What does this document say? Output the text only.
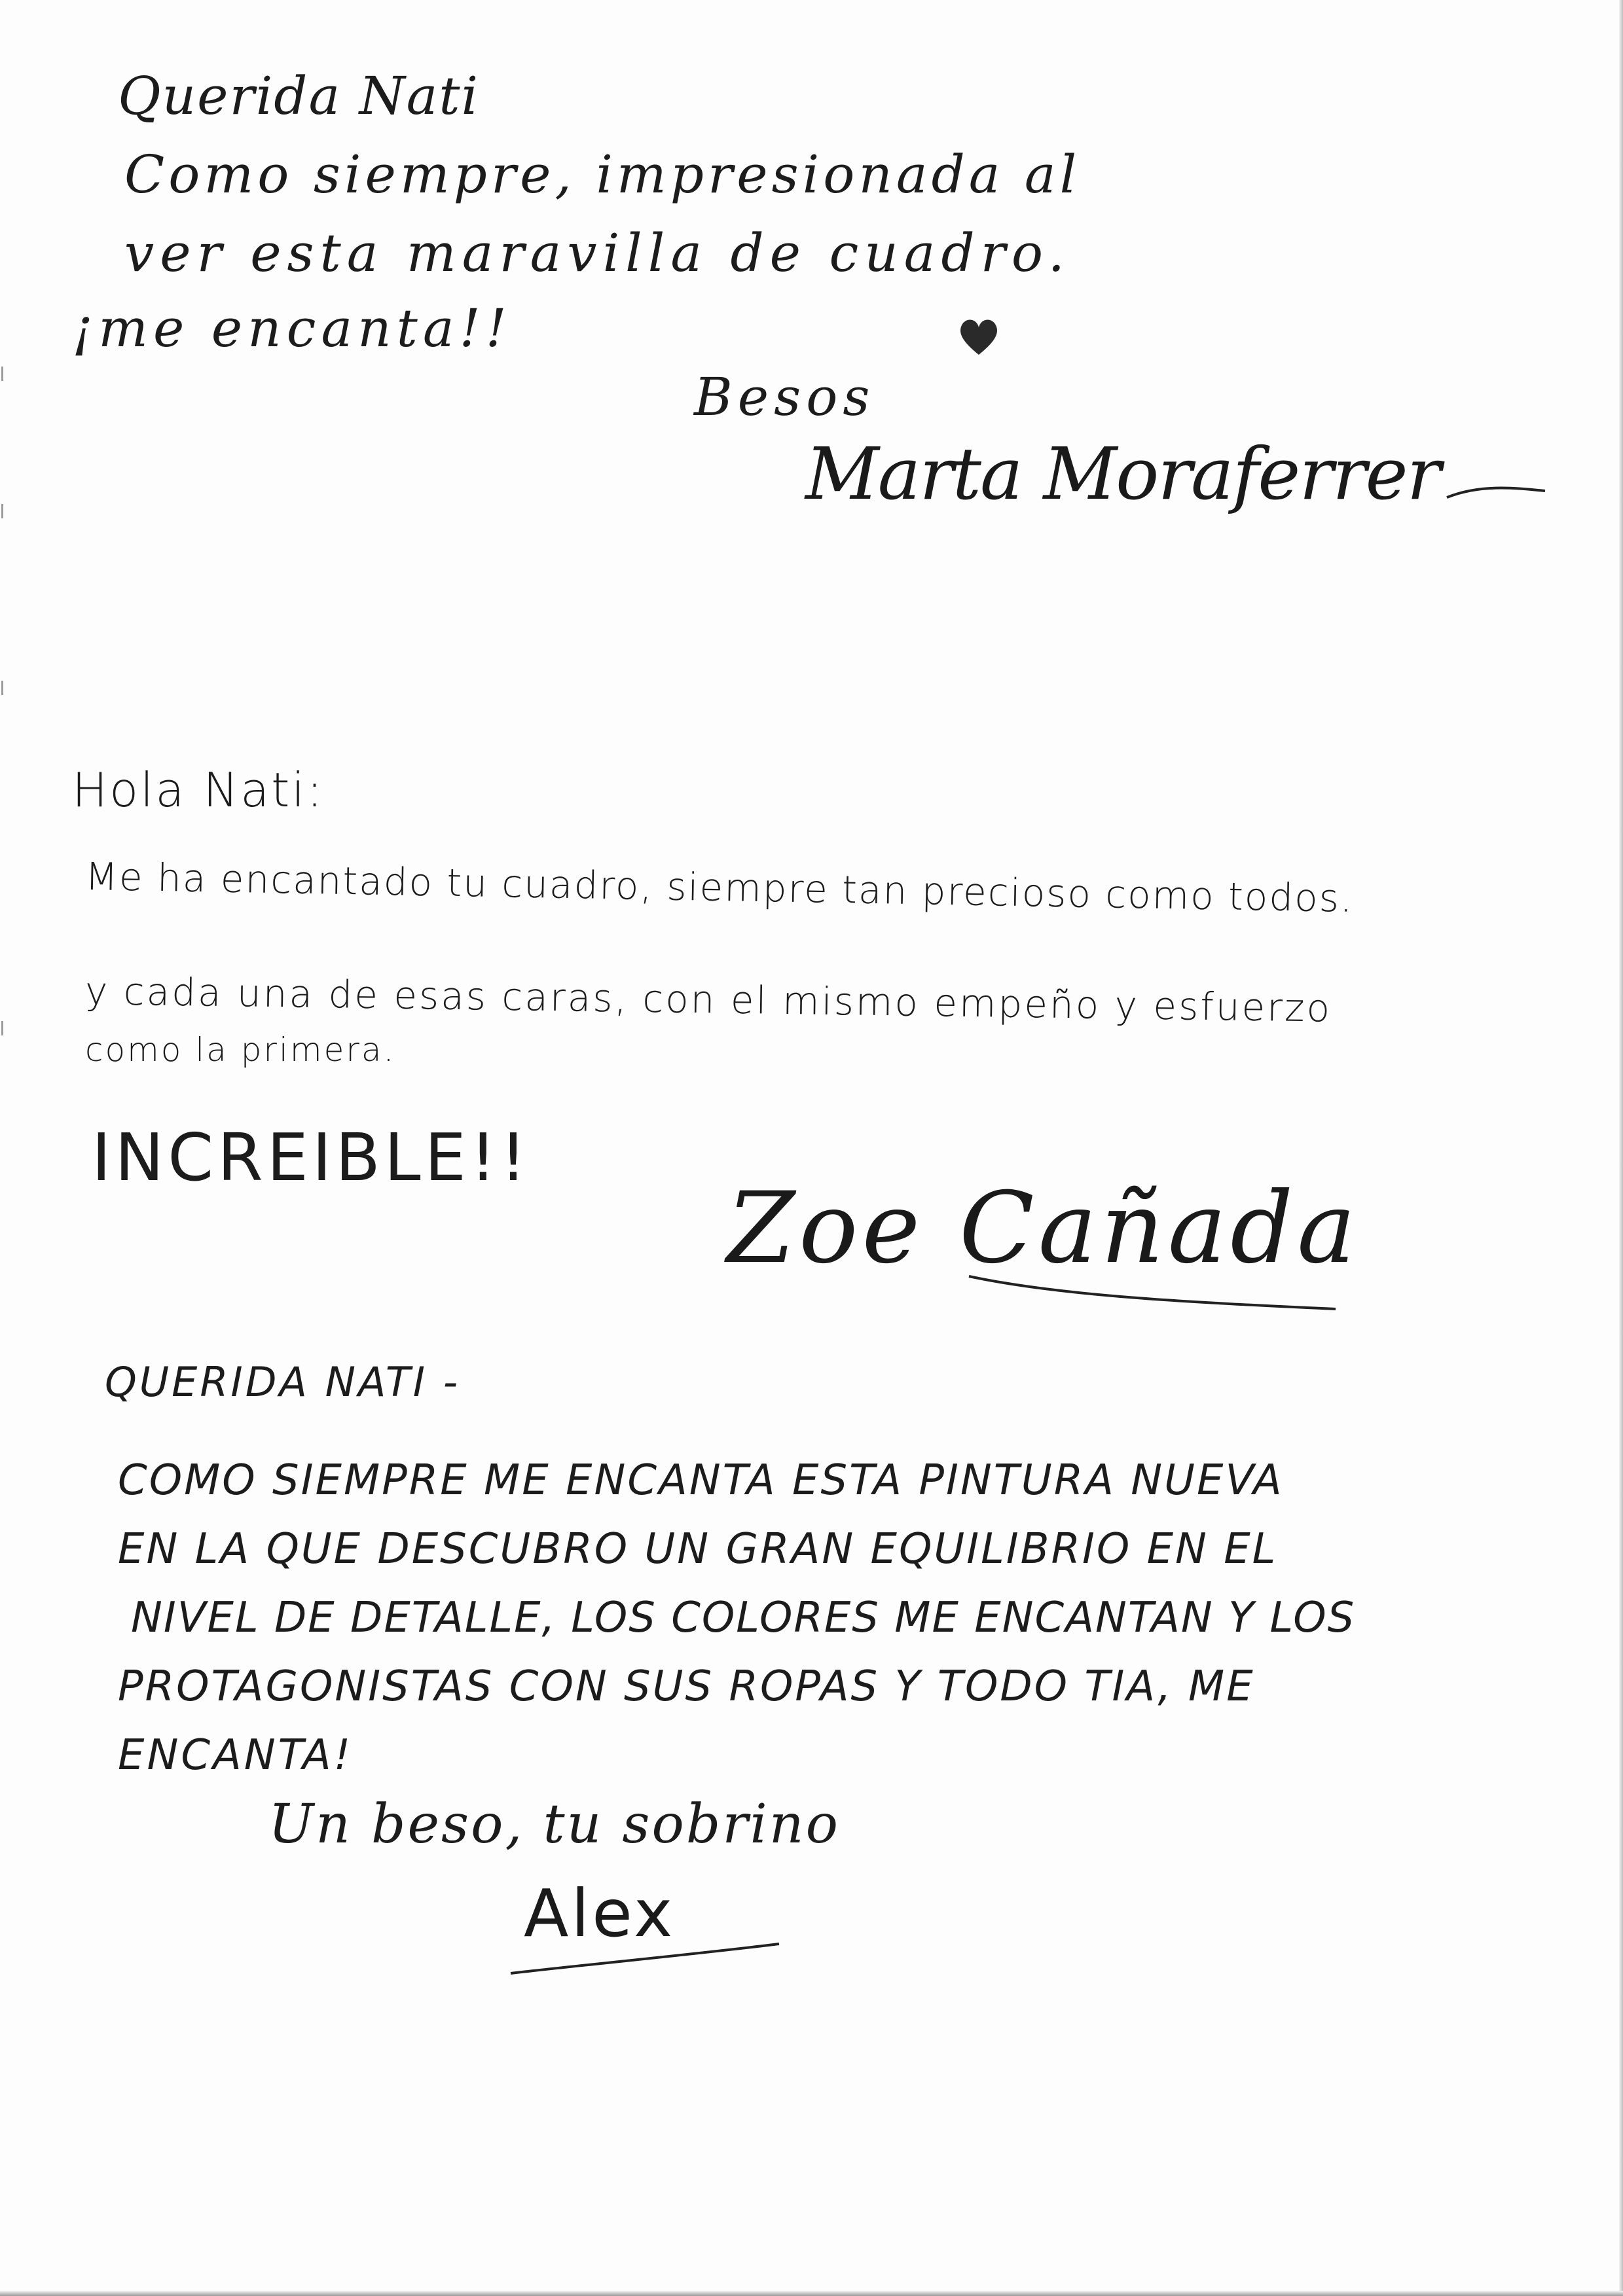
Querida Nati
Como siempre, impresionada al
ver esta maravilla de cuadro.
¡me encanta!!
Besos
Marta Moraferrer
Hola Nati:
Me ha encantado tu cuadro, siempre tan precioso como todos.
y cada una de esas caras, con el mismo empeño y esfuerzo
como la primera.
INCREIBLE!!
Zoe Cañada
QUERIDA NATI -
COMO SIEMPRE ME ENCANTA ESTA PINTURA NUEVA
EN LA QUE DESCUBRO UN GRAN EQUILIBRIO EN EL
NIVEL DE DETALLE, LOS COLORES ME ENCANTAN Y LOS
PROTAGONISTAS CON SUS ROPAS Y TODO TIA, ME
ENCANTA!
Un beso, tu sobrino
Alex
